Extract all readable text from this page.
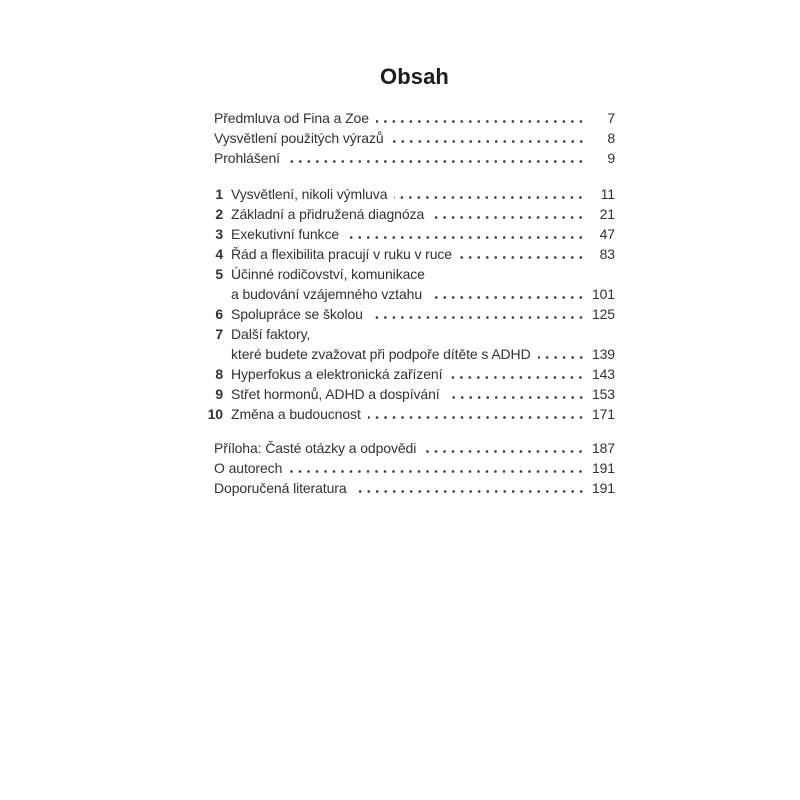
Obsah
Předmluva od Fina a Zoe	7
Vysvětlení použitých výrazů	8
Prohlášení	9
1 Vysvětlení, nikoli výmluva	11
2 Základní a přidružená diagnóza	21
3 Exekutivní funkce	47
4 Řád a flexibilita pracují v ruku v ruce	83
5 Účinné rodičovství, komunikace
a budování vzájemného vztahu	101
6 Spolupráce se školou	125
7 Další faktory,
které budete zvažovat při podpoře dítěte s ADHD	139
8 Hyperfokus a elektronická zařízení	143
9 Střet hormonů, ADHD a dospívání	153
10 Změna a budoucnost	171
Příloha: Časté otázky a odpovědi	187
O autorech	191
Doporučená literatura	191
